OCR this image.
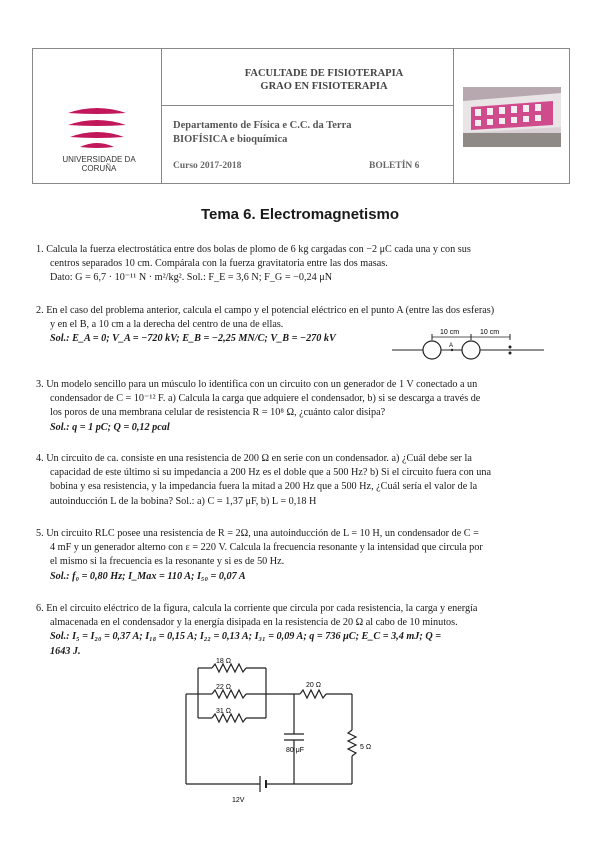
UNIVERSIDADE DA CORUÑA
FACULTADE DE FISIOTERAPIA
GRAO EN FISIOTERAPIA
Departamento de Física e C.C. da Terra
BIOFÍSICA e bioquímica
Curso 2017-2018	BOLETÍN 6
Tema 6. Electromagnetismo
1. Calcula la fuerza electrostática entre dos bolas de plomo de 6 kg cargadas con −2 μC cada una y con sus
centros separados 10 cm. Compárala con la fuerza gravitatoria entre las dos masas.
Dato: G = 6,7 · 10⁻¹¹ N · m²/kg². Sol.: F_E = 3,6 N; F_G = −0,24 μN
2. En el caso del problema anterior, calcula el campo y el potencial eléctrico en el punto A (entre las dos esferas)
y en el B, a 10 cm a la derecha del centro de una de ellas.
Sol.: E_A = 0; V_A = −720 kV; E_B = −2,25 MN/C; V_B = −270 kV
10 cm	10 cm
A
3. Un modelo sencillo para un músculo lo identifica con un circuito con un generador de 1 V conectado a un
condensador de C = 10⁻¹² F. a) Calcula la carga que adquiere el condensador, b) si se descarga a través de
los poros de una membrana celular de resistencia R = 10⁸ Ω, ¿cuánto calor disipa?
Sol.: q = 1 pC; Q = 0,12 pcal
4. Un circuito de ca. consiste en una resistencia de 200 Ω en serie con un condensador. a) ¿Cuál debe ser la
capacidad de este último si su impedancia a 200 Hz es el doble que a 500 Hz? b) Si el circuito fuera con una
bobina y esa resistencia, y la impedancia fuera la mitad a 200 Hz que a 500 Hz, ¿Cuál sería el valor de la
autoinducción L de la bobina? Sol.: a) C = 1,37 μF, b) L = 0,18 H
5. Un circuito RLC posee una resistencia de R = 2Ω, una autoinducción de L = 10 H, un condensador de C =
4 mF y un generador alterno con ε = 220 V. Calcula la frecuencia resonante y la intensidad que circula por
el mismo si la frecuencia es la resonante y si es de 50 Hz.
Sol.: f₀ = 0,80 Hz; I_Max = 110 A; I₅₀ = 0,07 A
6. En el circuito eléctrico de la figura, calcula la corriente que circula por cada resistencia, la carga y energía
almacenada en el condensador y la energía disipada en la resistencia de 20 Ω al cabo de 10 minutos.
Sol.: I₅ = I₂₀ = 0,37 A; I₁₈ = 0,15 A; I₂₂ = 0,13 A; I₃₁ = 0,09 A; q = 736 μC; E_C = 3,4 mJ; Q =
1643 J.
18 Ω
22 Ω
31 Ω
20 Ω
80 μF	5 Ω
12V
